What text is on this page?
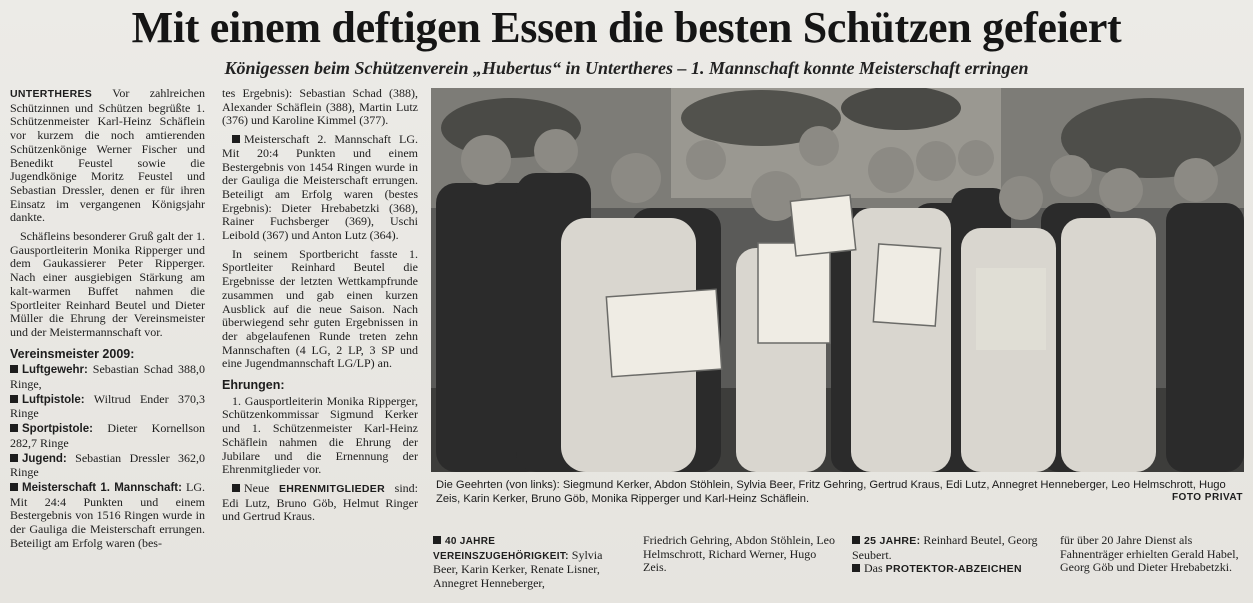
Mit einem deftigen Essen die besten Schützen gefeiert
Königessen beim Schützenverein „Hubertus“ in Untertheres – 1. Mannschaft konnte Meisterschaft erringen

UNTERTHERES Vor zahlreichen Schützinnen und Schützen begrüßte 1. Schützenmeister Karl-Heinz Schäflein vor kurzem die noch amtierenden Schützenkönige Werner Fischer und Benedikt Feustel sowie die Jugendkönige Moritz Feustel und Sebastian Dressler, denen er für ihren Einsatz im vergangenen Königsjahr dankte.

Schäfleins besonderer Gruß galt der 1. Gausportleiterin Monika Ripperger und dem Gaukassierer Peter Ripperger. Nach einer ausgiebigen Stärkung am kalt-warmen Buffet nahmen die Sportleiter Reinhard Beutel und Dieter Müller die Ehrung der Vereinsmeister und der Meistermannschaft vor.

Vereinsmeister 2009:
Luftgewehr: Sebastian Schad 388,0 Ringe,
Luftpistole: Wiltrud Ender 370,3 Ringe
Sportpistole: Dieter Kornellson 282,7 Ringe
Jugend: Sebastian Dressler 362,0 Ringe
Meisterschaft 1. Mannschaft: LG. Mit 24:4 Punkten und einem Bestergebnis von 1516 Ringen wurde in der Gauliga die Meisterschaft errungen. Beteiligt am Erfolg waren (bes-

tes Ergebnis): Sebastian Schad (388), Alexander Schäflein (388), Martin Lutz (376) und Karoline Kimmel (377).

Meisterschaft 2. Mannschaft LG. Mit 20:4 Punkten und einem Bestergebnis von 1454 Ringen wurde in der Gauliga die Meisterschaft errungen. Beteiligt am Erfolg waren (bestes Ergebnis): Dieter Hrebabetzki (368), Rainer Fuchsberger (369), Uschi Leibold (367) und Anton Lutz (364).

In seinem Sportbericht fasste 1. Sportleiter Reinhard Beutel die Ergebnisse der letzten Wettkampfrunde zusammen und gab einen kurzen Ausblick auf die neue Saison. Nach überwiegend sehr guten Ergebnissen in der abgelaufenen Runde treten zehn Mannschaften (4 LG, 2 LP, 3 SP und eine Jugendmannschaft LG/LP) an.

Ehrungen:

1. Gausportleiterin Monika Ripperger, Schützenkommissar Sigmund Kerker und 1. Schützenmeister Karl-Heinz Schäflein nahmen die Ehrung der Jubilare und die Ernennung der Ehrenmitglieder vor.

Neue EHRENMITGLIEDER sind: Edi Lutz, Bruno Göb, Helmut Ringer und Gertrud Kraus.

Die Geehrten (von links): Siegmund Kerker, Abdon Stöhlein, Sylvia Beer, Fritz Gehring, Gertrud Kraus, Edi Lutz, Annegret Henneberger, Leo Helmschrott, Hugo Zeis, Karin Kerker, Bruno Göb, Monika Ripperger und Karl-Heinz Schäflein.	FOTO PRIVAT
40 JAHRE VEREINSZUGEHÖRIGKEIT: Sylvia Beer, Karin Kerker, Renate Lisner, Annegret Henneberger,
Friedrich Gehring, Abdon Stöhlein, Leo Helmschrott, Richard Werner, Hugo Zeis.
25 JAHRE: Reinhard Beutel, Georg Seubert.
Das PROTEKTOR-ABZEICHEN
für über 20 Jahre Dienst als Fahnenträger erhielten Gerald Habel, Georg Göb und Dieter Hrebabetzki.
